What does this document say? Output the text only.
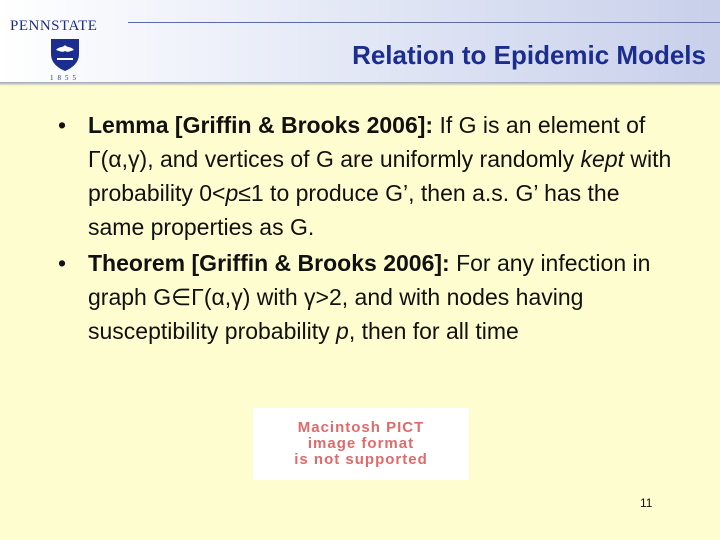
PENNSTATE
1855
Relation to Epidemic Models
• Lemma [Griffin & Brooks 2006]: If G is an element of Γ(α,γ), and vertices of G are uniformly randomly kept with probability 0<p≤1 to produce G’, then a.s. G’ has the same properties as G.
• Theorem [Griffin & Brooks 2006]: For any infection in graph G∈Γ(α,γ) with γ>2, and with nodes having susceptibility probability p, then for all time
Macintosh PICT
image format
is not supported
11
